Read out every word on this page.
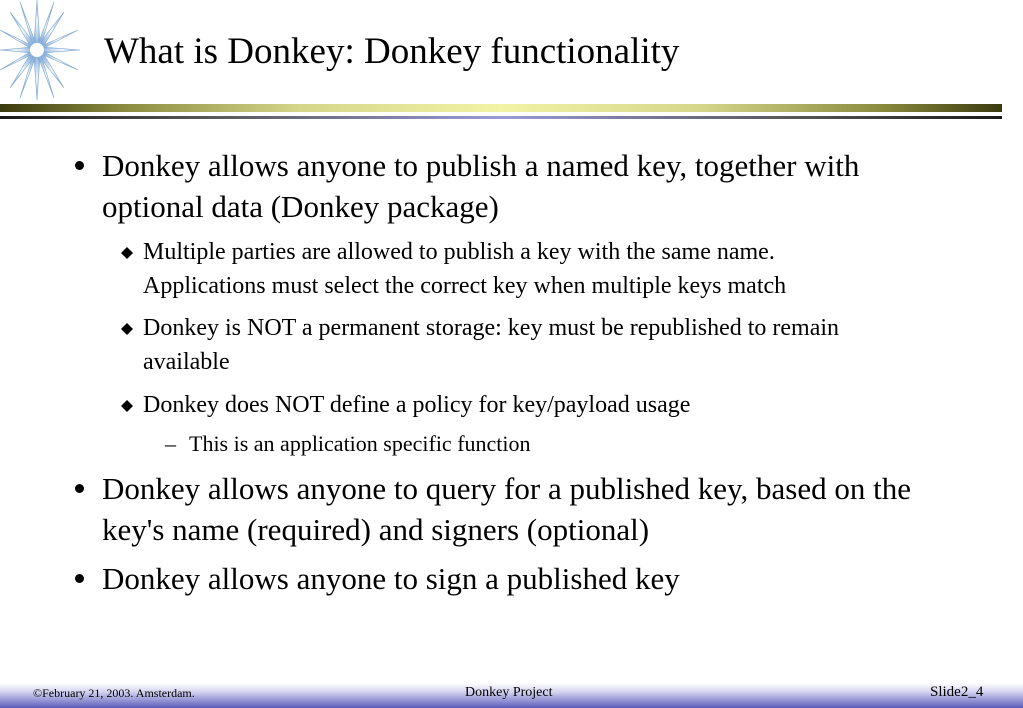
What is Donkey: Donkey functionality
Donkey allows anyone to publish a named key, together with
optional data (Donkey package)
Multiple parties are allowed to publish a key with the same name.
Applications must select the correct key when multiple keys match
Donkey is NOT a permanent storage: key must be republished to remain
available
Donkey does NOT define a policy for key/payload usage
– This is an application specific function
Donkey allows anyone to query for a published key, based on the
key's name (required) and signers (optional)
Donkey allows anyone to sign a published key
©February 21, 2003. Amsterdam.	Donkey Project	Slide2_4
